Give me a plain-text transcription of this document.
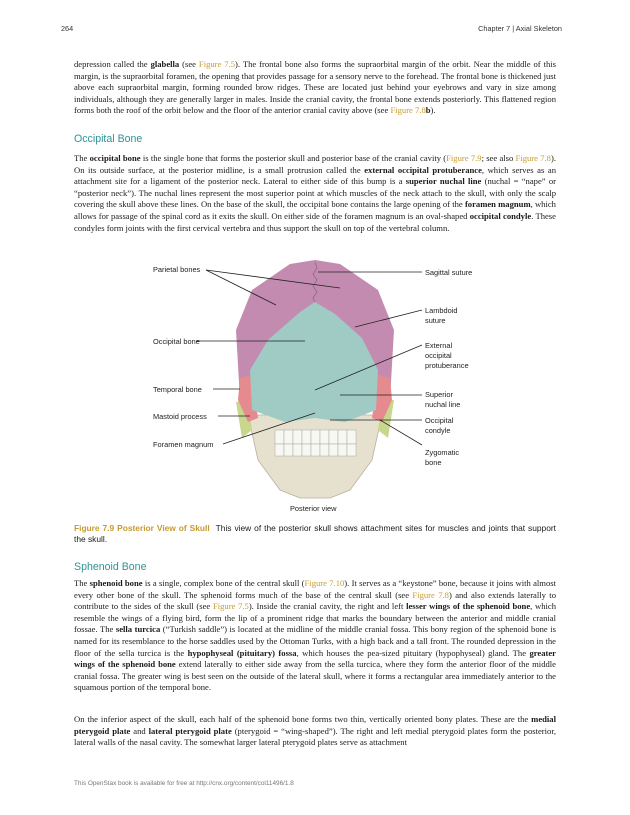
264	Chapter 7 | Axial Skeleton
depression called the glabella (see Figure 7.5). The frontal bone also forms the supraorbital margin of the orbit. Near the middle of this margin, is the supraorbital foramen, the opening that provides passage for a sensory nerve to the forehead. The frontal bone is thickened just above each supraorbital margin, forming rounded brow ridges. These are located just behind your eyebrows and vary in size among individuals, although they are generally larger in males. Inside the cranial cavity, the frontal bone extends posteriorly. This flattened region forms both the roof of the orbit below and the floor of the anterior cranial cavity above (see Figure 7.8b).
Occipital Bone
The occipital bone is the single bone that forms the posterior skull and posterior base of the cranial cavity (Figure 7.9; see also Figure 7.8). On its outside surface, at the posterior midline, is a small protrusion called the external occipital protuberance, which serves as an attachment site for a ligament of the posterior neck. Lateral to either side of this bump is a superior nuchal line (nuchal = “nape” or “posterior neck”). The nuchal lines represent the most superior point at which muscles of the neck attach to the skull, with only the scalp covering the skull above these lines. On the base of the skull, the occipital bone contains the large opening of the foramen magnum, which allows for passage of the spinal cord as it exits the skull. On either side of the foramen magnum is an oval-shaped occipital condyle. These condyles form joints with the first cervical vertebra and thus support the skull on top of the vertebral column.
Parietal bones
Occipital bone
Temporal bone
Mastoid process
Foramen magnum
Sagittal suture
Lambdoid
suture
External
occipital
protuberance
Superior
nuchal line
Occipital
condyle
Zygomatic
bone
Posterior view
Figure 7.9 Posterior View of Skull This view of the posterior skull shows attachment sites for muscles and joints that support the skull.
Sphenoid Bone
The sphenoid bone is a single, complex bone of the central skull (Figure 7.10). It serves as a “keystone” bone, because it joins with almost every other bone of the skull. The sphenoid forms much of the base of the central skull (see Figure 7.8) and also extends laterally to contribute to the sides of the skull (see Figure 7.5). Inside the cranial cavity, the right and left lesser wings of the sphenoid bone, which resemble the wings of a flying bird, form the lip of a prominent ridge that marks the boundary between the anterior and middle cranial fossae. The sella turcica (“Turkish saddle”) is located at the midline of the middle cranial fossa. This bony region of the sphenoid bone is named for its resemblance to the horse saddles used by the Ottoman Turks, with a high back and a tall front. The rounded depression in the floor of the sella turcica is the hypophyseal (pituitary) fossa, which houses the pea-sized pituitary (hypophyseal) gland. The greater wings of the sphenoid bone extend laterally to either side away from the sella turcica, where they form the anterior floor of the middle cranial fossa. The greater wing is best seen on the outside of the lateral skull, where it forms a rectangular area immediately anterior to the squamous portion of the temporal bone.
On the inferior aspect of the skull, each half of the sphenoid bone forms two thin, vertically oriented bony plates. These are the medial pterygoid plate and lateral pterygoid plate (pterygoid = “wing-shaped”). The right and left medial pterygoid plates form the posterior, lateral walls of the nasal cavity. The somewhat larger lateral pterygoid plates serve as attachment
This OpenStax book is available for free at http://cnx.org/content/col11496/1.8
